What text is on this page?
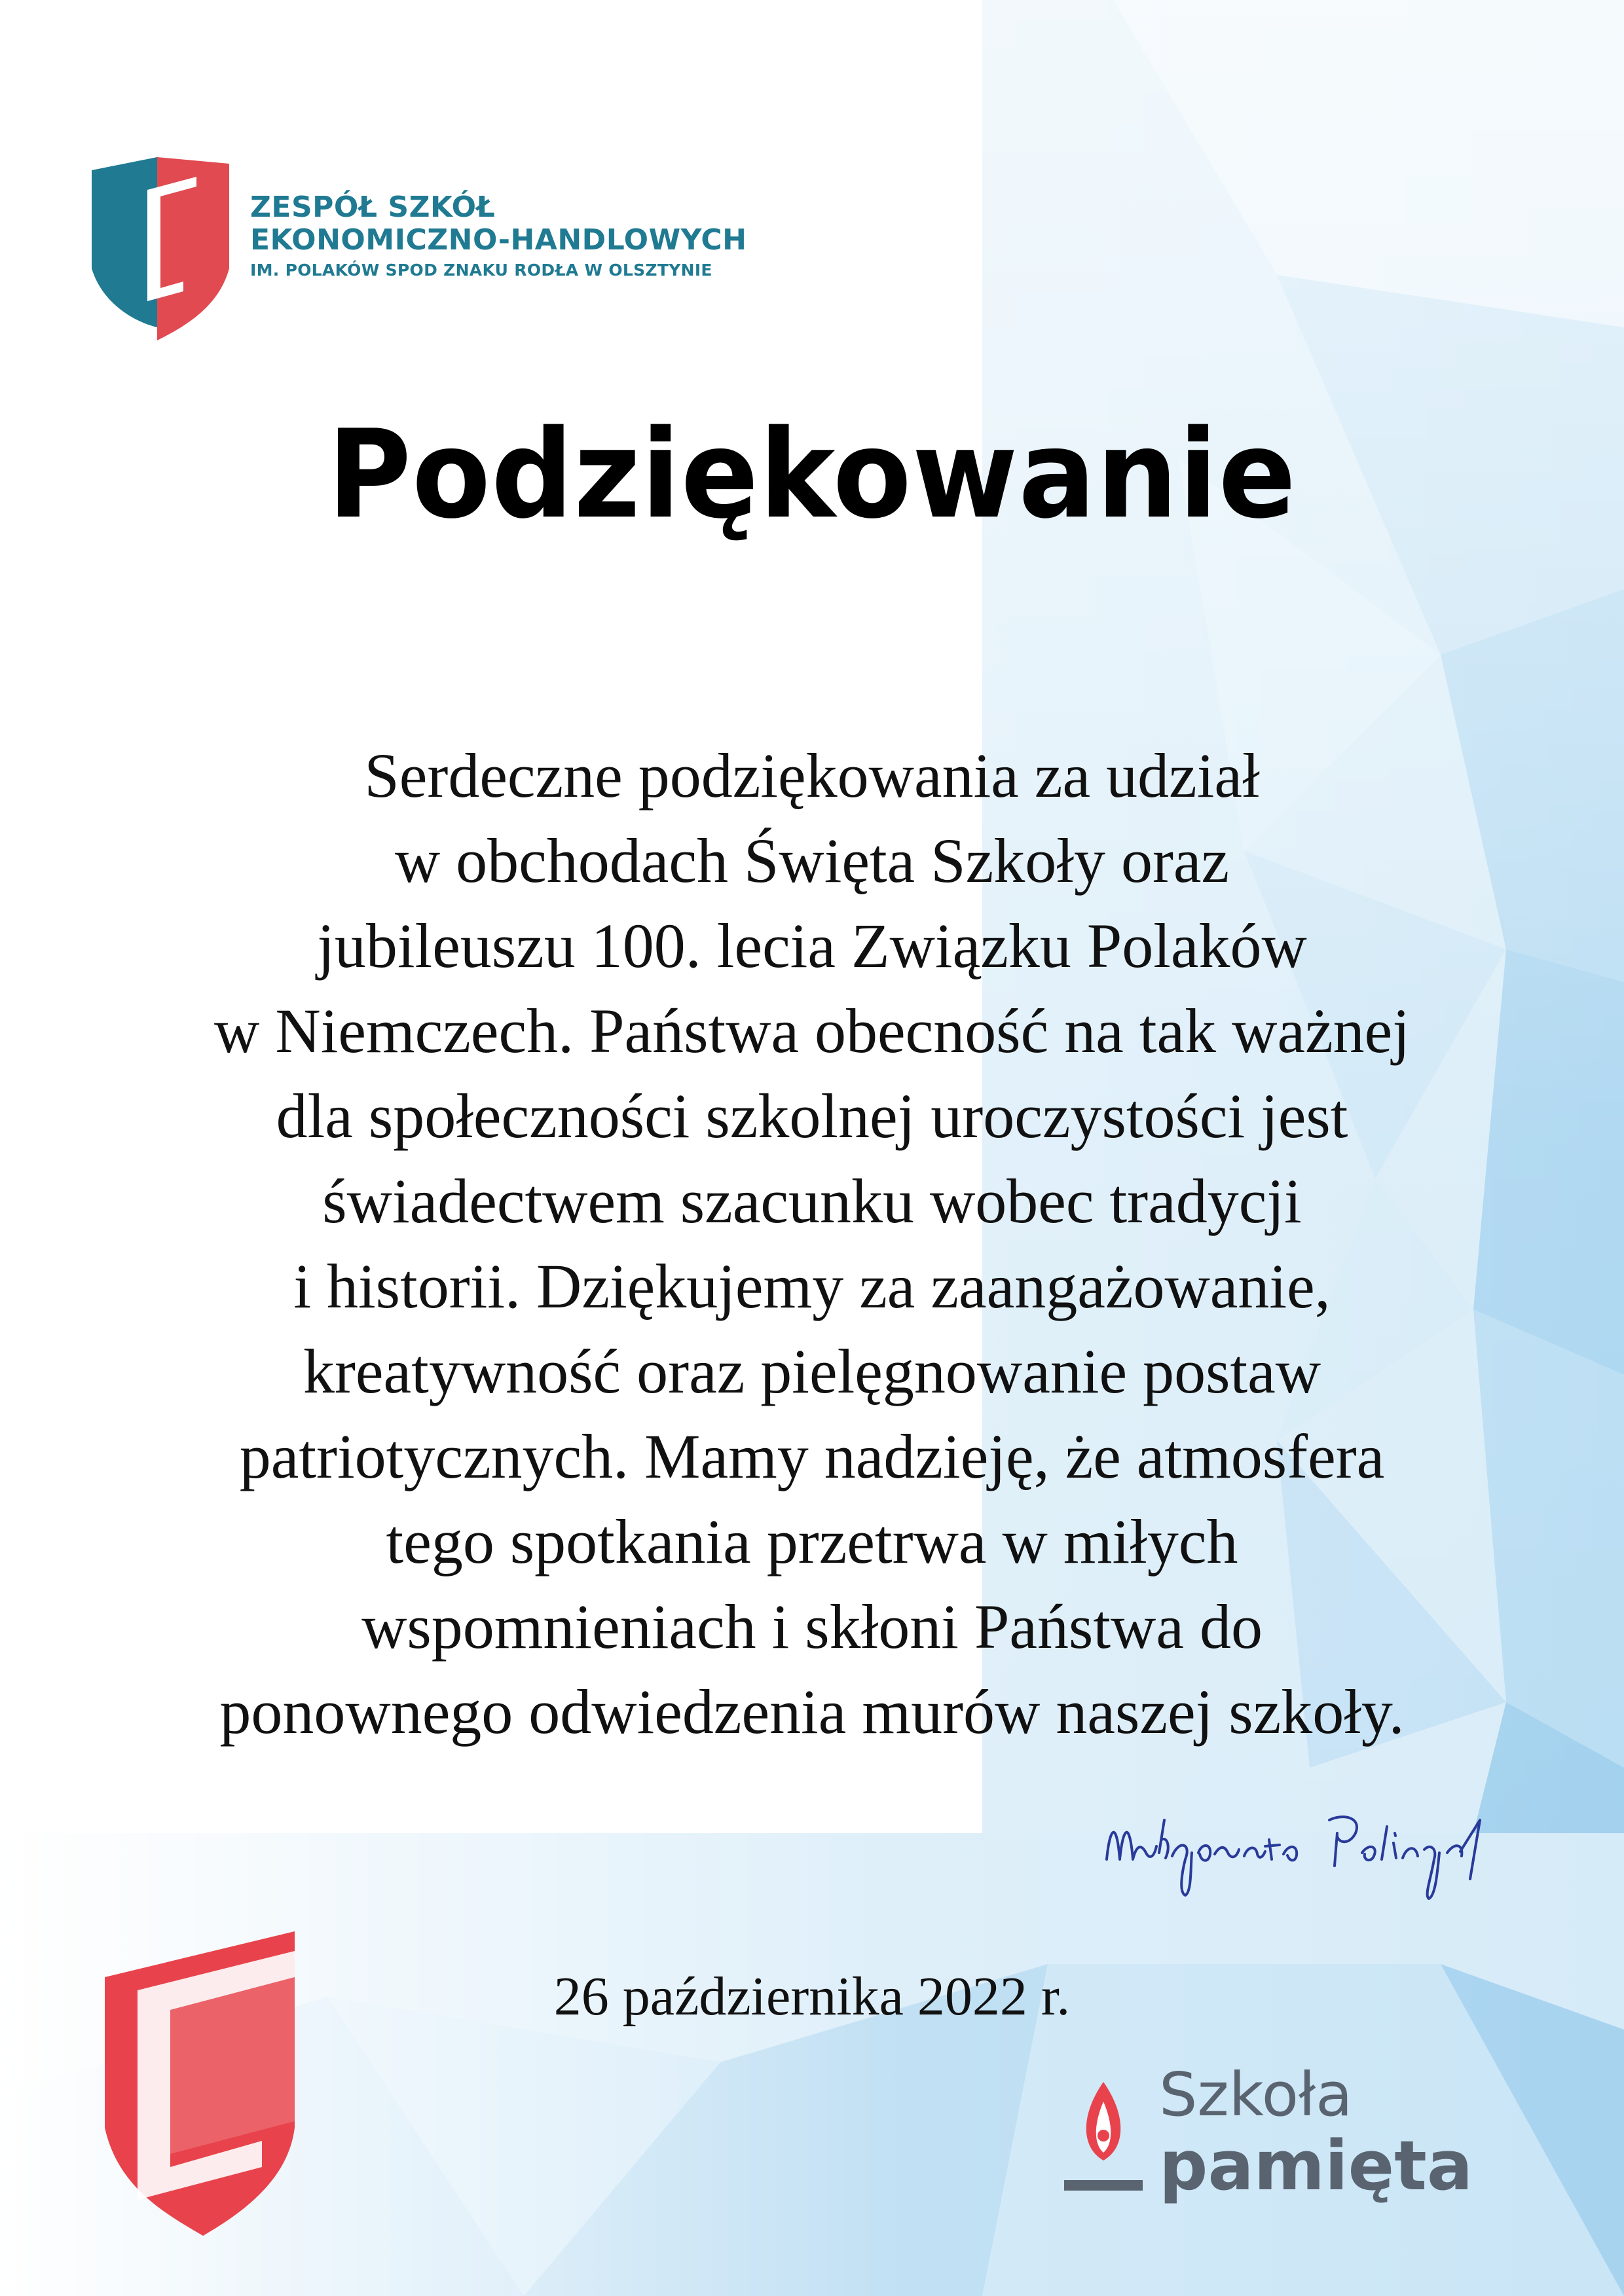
ZESPÓŁ SZKÓŁ
EKONOMICZNO-HANDLOWYCH
IM. POLAKÓW SPOD ZNAKU RODŁA W OLSZTYNIE
Podziękowanie
Serdeczne podziękowania za udział
w obchodach Święta Szkoły oraz
jubileuszu 100. lecia Związku Polaków
w Niemczech. Państwa obecność na tak ważnej
dla społeczności szkolnej uroczystości jest
świadectwem szacunku wobec tradycji
i historii. Dziękujemy za zaangażowanie,
kreatywność oraz pielęgnowanie postaw
patriotycznych. Mamy nadzieję, że atmosfera
tego spotkania przetrwa w miłych
wspomnieniach i skłoni Państwa do
ponownego odwiedzenia murów naszej szkoły.
26 października 2022 r.
Szkoła
pamięta
